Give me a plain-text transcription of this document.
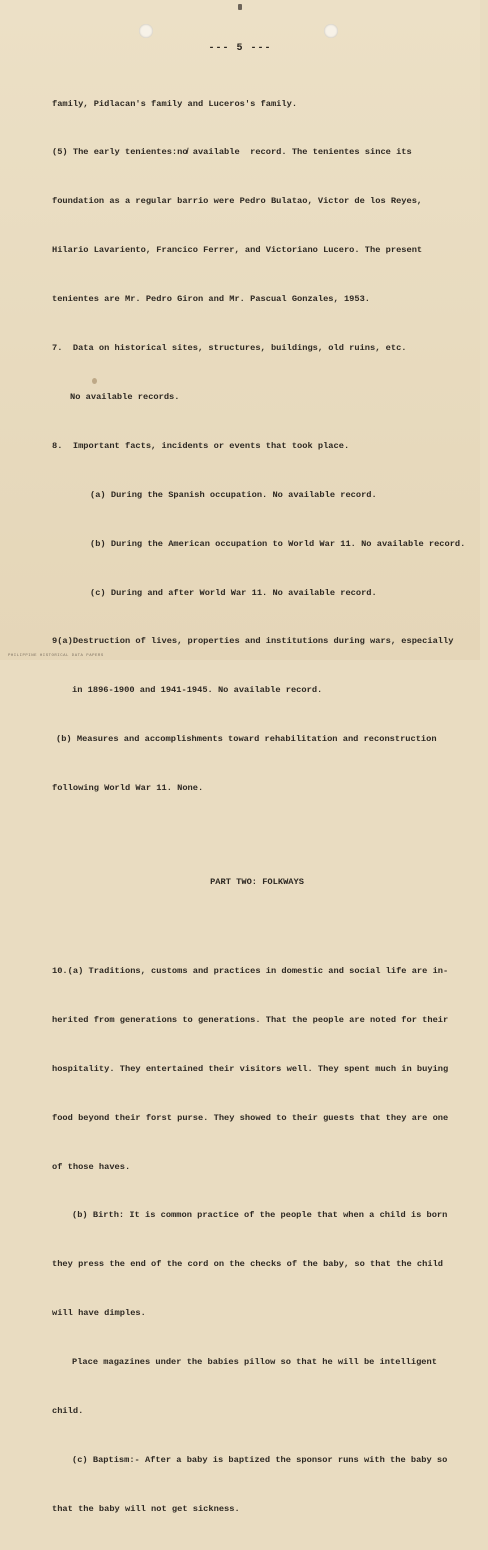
--- 5 ---

family, Pidlacan's family and Luceros's family.

(5) The early tenientes:no̸ available  record. The tenientes since its

foundation as a regular barrio were Pedro Bulatao, Victor de los Reyes,

Hilario Lavariento, Francico Ferrer, and Victoriano Lucero. The present

tenientes are Mr. Pedro Giron and Mr. Pascual Gonzales, 1953.

7.  Data on historical sites, structures, buildings, old ruins, etc.

No available records.

8.  Important facts, incidents or events that took place.

(a) During the Spanish occupation. No available record.

(b) During the American occupation to World War 11. No available record.

(c) During and after World War 11. No available record.

9(a)Destruction of lives, properties and institutions during wars, especially

in 1896-1900 and 1941-1945. No available record.

(b) Measures and accomplishments toward rehabilitation and reconstruction

following World War 11. None.

PART TWO: FOLKWAYS

10.(a) Traditions, customs and practices in domestic and social life are in-

herited from generations to generations. That the people are noted for their

hospitality. They entertained their visitors well. They spent much in buying

food beyond their forst purse. They showed to their guests that they are one

of those haves.

(b) Birth: It is common practice of the people that when a child is born

they press the end of the cord on the checks of the baby, so that the child

will have dimples.

Place magazines under the babies pillow so that he will be intelligent

child.

(c) Baptism:- After a baby is baptized the sponsor runs with the baby so

that the baby will not get sickness.

PHILIPPINE HISTORICAL DATA PAPERS
